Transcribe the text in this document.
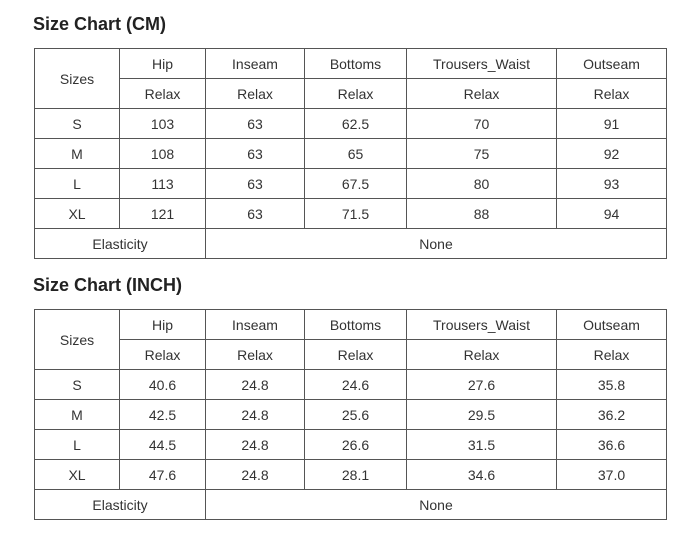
Size Chart (CM)
Sizes	Hip	Inseam	Bottoms	Trousers_Waist	Outseam
	Relax	Relax	Relax	Relax	Relax
S	103	63	62.5	70	91
M	108	63	65	75	92
L	113	63	67.5	80	93
XL	121	63	71.5	88	94
Elasticity		None			
Size Chart (INCH)
Sizes	Hip	Inseam	Bottoms	Trousers_Waist	Outseam
	Relax	Relax	Relax	Relax	Relax
S	40.6	24.8	24.6	27.6	35.8
M	42.5	24.8	25.6	29.5	36.2
L	44.5	24.8	26.6	31.5	36.6
XL	47.6	24.8	28.1	34.6	37.0
Elasticity		None			
